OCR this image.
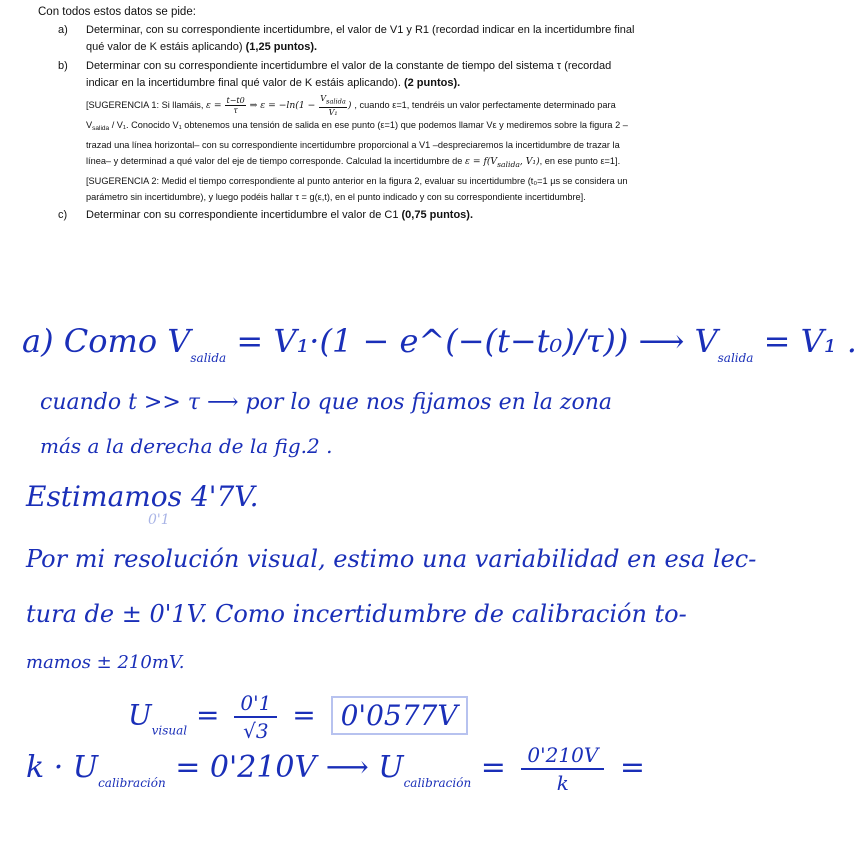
Con todos estos datos se pide:
a) Determinar, con su correspondiente incertidumbre, el valor de V1 y R1 (recordad indicar en la incertidumbre final qué valor de K estáis aplicando) (1,25 puntos).
b) Determinar con su correspondiente incertidumbre el valor de la constante de tiempo del sistema τ (recordad indicar en la incertidumbre final qué valor de K estáis aplicando). (2 puntos).
[SUGERENCIA 1: Si llamáis, $\varepsilon = \frac{t-t0}{\tau}$ ⇒ $\varepsilon = -\ln(1 - \frac{V_{salida}}{\text{V₁}}$ ) , cuando ε=1, tendréis un valor perfectamente determinado para $V_{salida} / V_1$. Conocido V₁ obtenemos una tensión de salida en ese punto (ε=1) que podemos llamar Vε y mediremos sobre la figura 2 –trazad una línea horizontal– con su correspondiente incertidumbre proporcional a V1 –despreciaremos la incertidumbre de trazar la línea– y determinad a qué valor del eje de tiempo corresponde. Calculad la incertidumbre de $\varepsilon = f(V_{salida}$, V₁), en ese punto ε=1].
[SUGERENCIA 2: Medid el tiempo correspondiente al punto anterior en la figura 2, evaluar su incertidumbre (t₀=1 µs se considera un parámetro sin incertidumbre), y luego podéis hallar τ = g(ε,t), en el punto indicado y con su correspondiente incertidumbre].
c) Determinar con su correspondiente incertidumbre el valor de C1 (0,75 puntos).
a) Como $V_{salida} = V_1\cdot(1$ − e^(−(t−t₀)/τ)) ⟶ $V_{salida} = V_1$ .
cuando t >> τ ⟶ por lo que nos fijamos en la zona
más a la derecha de la fig.2 .
Estimamos 4'7V.
0'1
Por mi resolución visual, estimo una variabilidad en esa lec-
tura de ± 0'1V. Como incertidumbre de calibración to-
mamos ± 210mV.
$U_{visual} = \frac{0'1}{√3} = 0'0577V$
$k \cdot U_{calibración} = 0'210V$ ⟶ $U_{calibración} = \frac{0'210V}{k}$ =
